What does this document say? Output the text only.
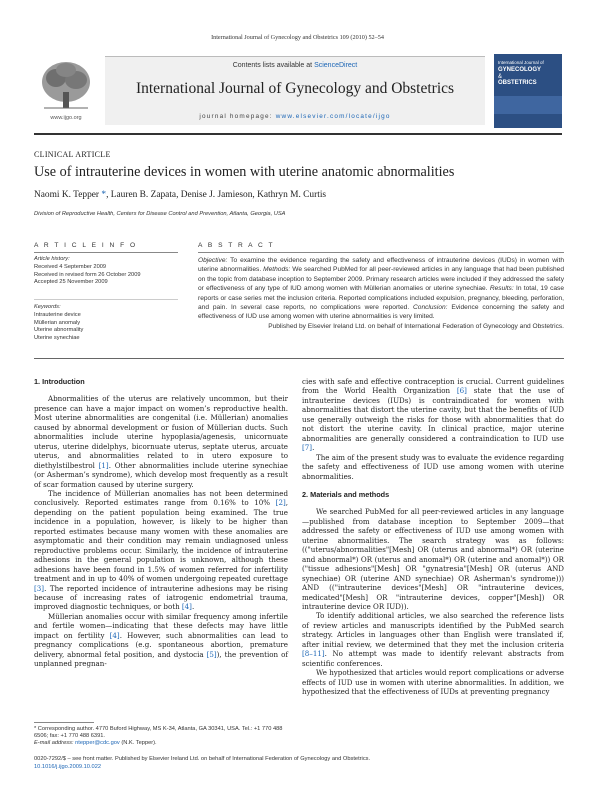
International Journal of Gynecology and Obstetrics 109 (2010) 52–54
www.ijgo.org
Contents lists available at ScienceDirect
International Journal of Gynecology and Obstetrics
journal homepage: www.elsevier.com/locate/ijgo
International Journal of
GYNECOLOGY
&
OBSTETRICS
CLINICAL ARTICLE
Use of intrauterine devices in women with uterine anatomic abnormalities
Naomi K. Tepper *, Lauren B. Zapata, Denise J. Jamieson, Kathryn M. Curtis
Division of Reproductive Health, Centers for Disease Control and Prevention, Atlanta, Georgia, USA
A R T I C L E I N F O	A B S T R A C T
Article history:
Received 4 September 2009
Received in revised form 26 October 2009
Accepted 25 November 2009
Keywords:
Intrauterine device
Müllerian anomaly
Uterine abnormality
Uterine synechiae
Objective: To examine the evidence regarding the safety and effectiveness of intrauterine devices (IUDs) in women with uterine abnormalities. Methods: We searched PubMed for all peer-reviewed articles in any language that had been published on the topic from database inception to September 2009. Primary research articles were included if they addressed the safety or effectiveness of any type of IUD among women with Müllerian anomalies or uterine synechiae. Results: In total, 19 case reports or case series met the inclusion criteria. Reported complications included expulsion, pregnancy, bleeding, perforation, and pain. In several case reports, no complications were reported. Conclusion: Evidence concerning the safety and effectiveness of IUD use among women with uterine abnormalities is very limited.
Published by Elsevier Ireland Ltd. on behalf of International Federation of Gynecology and Obstetrics.
1. Introduction

Abnormalities of the uterus are relatively uncommon, but their presence can have a major impact on women’s reproductive health. Most uterine abnormalities are congenital (i.e. Müllerian) anomalies caused by abnormal development or fusion of Müllerian ducts. Such abnormalities include uterine hypoplasia/agenesis, unicornuate uterus, uterine didelphys, bicornuate uterus, septate uterus, arcuate uterus, and abnormalities related to in utero exposure to diethylstilbestrol [1]. Other abnormalities include uterine synechiae (or Asherman’s syndrome), which develop most frequently as a result of scar formation caused by uterine surgery.

The incidence of Müllerian anomalies has not been determined conclusively. Reported estimates range from 0.16% to 10% [2], depending on the patient population being examined. The true incidence in a population, however, is likely to be higher than reported estimates because many women with these anomalies are asymptomatic and their condition may remain undiagnosed unless reproductive problems occur. Similarly, the incidence of intrauterine adhesions in the general population is unknown, although these adhesions have been found in 1.5% of women referred for infertility treatment and in up to 40% of women undergoing repeated curettage [3]. The reported incidence of intrauterine adhesions may be rising because of increasing rates of iatrogenic endometrial trauma, improved diagnostic techniques, or both [4].

Müllerian anomalies occur with similar frequency among infertile and fertile women—indicating that these defects may have little impact on fertility [4]. However, such abnormalities can lead to pregnancy complications (e.g. spontaneous abortion, premature delivery, abnormal fetal position, and dystocia [5]), the prevention of unplanned pregnan-

cies with safe and effective contraception is crucial. Current guidelines from the World Health Organization [6] state that the use of intrauterine devices (IUDs) is contraindicated for women with abnormalities that distort the uterine cavity, but that the benefits of IUD use generally outweigh the risks for those with abnormalities that do not distort the uterine cavity. In clinical practice, major uterine abnormalities are generally considered a contraindication to IUD use [7].

The aim of the present study was to evaluate the evidence regarding the safety and effectiveness of IUD use among women with uterine abnormalities.

2. Materials and methods

We searched PubMed for all peer-reviewed articles in any language—published from database inception to September 2009—that addressed the safety or effectiveness of IUD use among women with uterine abnormalities. The search strategy was as follows: (("uterus/abnormalities"[Mesh] OR (uterus and abnormal*) OR (uterine and abnormal*) OR (uterus and anomal*) OR (uterine and anomal*)) OR ("tissue adhesions"[Mesh] OR "gynatresia"[Mesh] OR (uterus AND synechiae) OR (uterine AND synechiae) OR Asherman's syndrome))) AND (("intrauterine devices"[Mesh] OR "intrauterine devices, medicated"[Mesh] OR "intrauterine devices, copper"[Mesh]) OR intrauterine device OR IUD)).

To identify additional articles, we also searched the reference lists of review articles and manuscripts identified by the PubMed search strategy. Articles in languages other than English were translated if, after initial review, we determined that they met the inclusion criteria [8–11]. No attempt was made to identify relevant abstracts from scientific conferences.

We hypothesized that articles would report complications or adverse effects of IUD use in women with uterine abnormalities. In addition, we hypothesized that the effectiveness of IUDs at preventing pregnancy

* Corresponding author. 4770 Buford Highway, MS K-34, Atlanta, GA 30341, USA. Tel.: +1 770 488 6506; fax: +1 770 488 6391.
E-mail address: ntepper@cdc.gov (N.K. Tepper).
0020-7292/$ – see front matter. Published by Elsevier Ireland Ltd. on behalf of International Federation of Gynecology and Obstetrics.
10.1016/j.ijgo.2009.10.022
